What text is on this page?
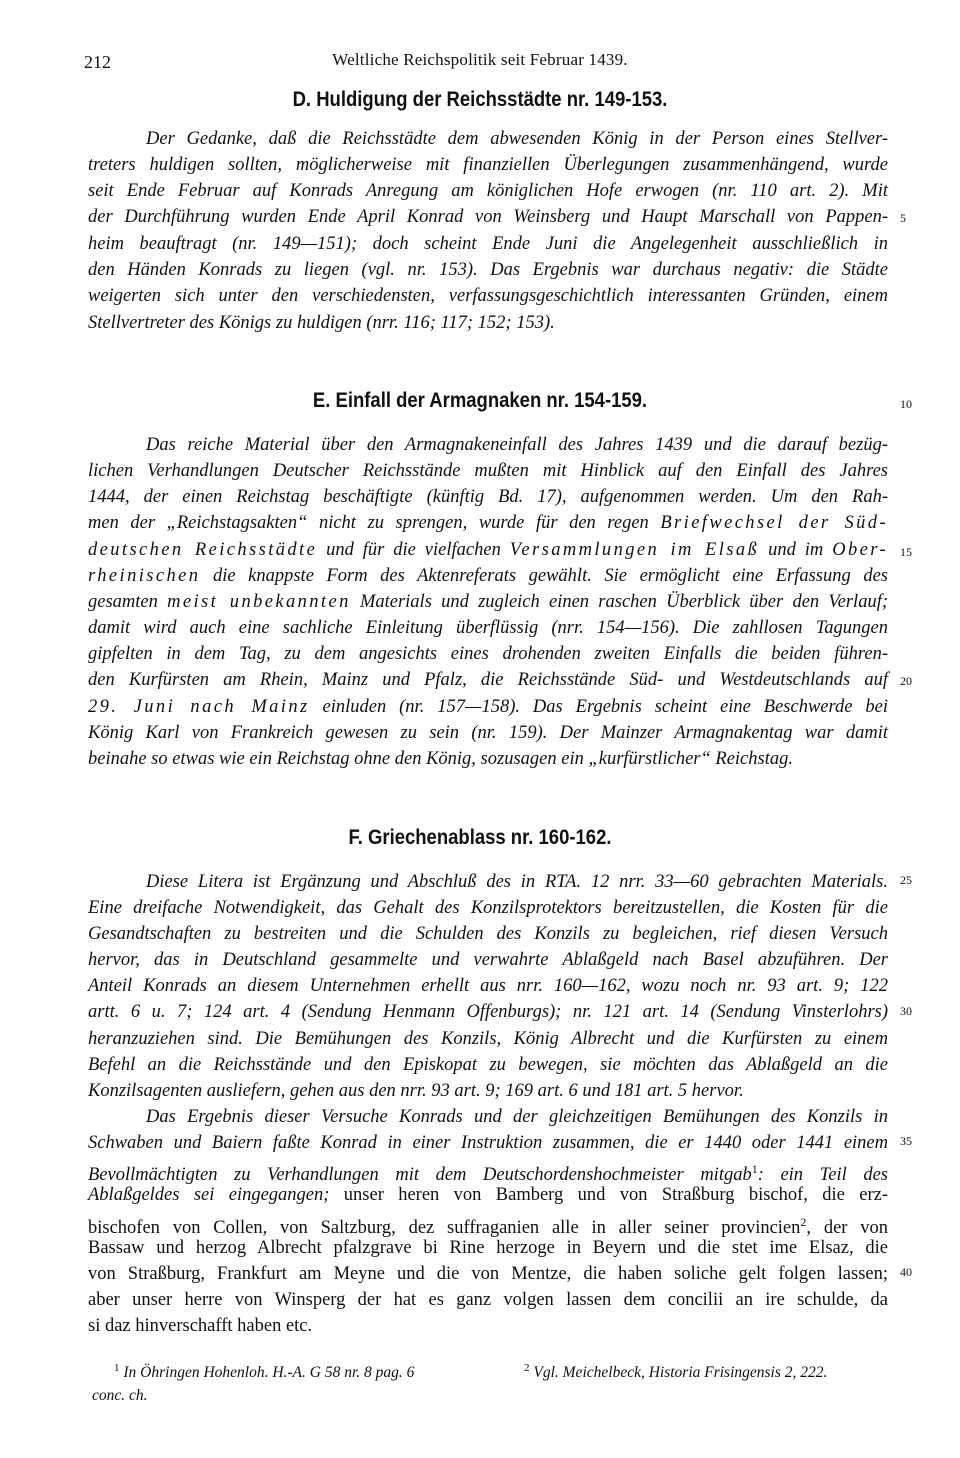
212	Weltliche Reichspolitik seit Februar 1439.
D. Huldigung der Reichsstädte nr. 149-153.
Der Gedanke, daß die Reichsstädte dem abwesenden König in der Person eines Stellver-
treters huldigen sollten, möglicherweise mit finanziellen Überlegungen zusammenhängend, wurde
seit Ende Februar auf Konrads Anregung am königlichen Hofe erwogen (nr. 110 art. 2). Mit
der Durchführung wurden Ende April Konrad von Weinsberg und Haupt Marschall von Pappen-
heim beauftragt (nr. 149—151); doch scheint Ende Juni die Angelegenheit ausschließlich in
den Händen Konrads zu liegen (vgl. nr. 153). Das Ergebnis war durchaus negativ: die Städte
weigerten sich unter den verschiedensten, verfassungsgeschichtlich interessanten Gründen, einem
Stellvertreter des Königs zu huldigen (nrr. 116; 117; 152; 153).
E. Einfall der Armagnaken nr. 154-159.
Das reiche Material über den Armagnakeneinfall des Jahres 1439 und die darauf bezüg-
lichen Verhandlungen Deutscher Reichsstände mußten mit Hinblick auf den Einfall des Jahres
1444, der einen Reichstag beschäftigte (künftig Bd. 17), aufgenommen werden. Um den Rah-
men der „Reichstagsakten“ nicht zu sprengen, wurde für den regen Briefwechsel der Süd-
deutschen Reichsstädte und für die vielfachen Versammlungen im Elsaß und im Ober-
rheinischen die knappste Form des Aktenreferats gewählt. Sie ermöglicht eine Erfassung des
gesamten meist unbekannten Materials und zugleich einen raschen Überblick über den Verlauf;
damit wird auch eine sachliche Einleitung überflüssig (nrr. 154—156). Die zahllosen Tagungen
gipfelten in dem Tag, zu dem angesichts eines drohenden zweiten Einfalls die beiden führen-
den Kurfürsten am Rhein, Mainz und Pfalz, die Reichsstände Süd- und Westdeutschlands auf
29. Juni nach Mainz einluden (nr. 157—158). Das Ergebnis scheint eine Beschwerde bei
König Karl von Frankreich gewesen zu sein (nr. 159). Der Mainzer Armagnakentag war damit
beinahe so etwas wie ein Reichstag ohne den König, sozusagen ein „kurfürstlicher“ Reichstag.
F. Griechenablass nr. 160-162.
Diese Litera ist Ergänzung und Abschluß des in RTA. 12 nrr. 33—60 gebrachten Materials.
Eine dreifache Notwendigkeit, das Gehalt des Konzilsprotektors bereitzustellen, die Kosten für die
Gesandtschaften zu bestreiten und die Schulden des Konzils zu begleichen, rief diesen Versuch
hervor, das in Deutschland gesammelte und verwahrte Ablaßgeld nach Basel abzuführen. Der
Anteil Konrads an diesem Unternehmen erhellt aus nrr. 160—162, wozu noch nr. 93 art. 9; 122
artt. 6 u. 7; 124 art. 4 (Sendung Henmann Offenburgs); nr. 121 art. 14 (Sendung Vinsterlohrs)
heranzuziehen sind. Die Bemühungen des Konzils, König Albrecht und die Kurfürsten zu einem
Befehl an die Reichsstände und den Episkopat zu bewegen, sie möchten das Ablaßgeld an die
Konzilsagenten ausliefern, gehen aus den nrr. 93 art. 9; 169 art. 6 und 181 art. 5 hervor.
Das Ergebnis dieser Versuche Konrads und der gleichzeitigen Bemühungen des Konzils in
Schwaben und Baiern faßte Konrad in einer Instruktion zusammen, die er 1440 oder 1441 einem
Bevollmächtigten zu Verhandlungen mit dem Deutschordenshochmeister mitgab$^1$: ein Teil des
Ablaßgeldes sei eingegangen; unser heren von Bamberg und von Straßburg bischof, die erz-
bischofen von Collen, von Saltzburg, dez suffraganien alle in aller seiner provincien$^2$, der von
Bassaw und herzog Albrecht pfalzgrave bi Rine herzoge in Beyern und die stet ime Elsaz, die
von Straßburg, Frankfurt am Meyne und die von Mentze, die haben soliche gelt folgen lassen;
aber unser herre von Winsperg der hat es ganz volgen lassen dem concilii an ire schulde, da
si daz hinverschafft haben etc.
5
10
15
20
25
30
35
40
$^1$ In Öhringen Hohenloh. H.-A. G 58 nr. 8 pag. 6
conc. ch.
$^2$ Vgl. Meichelbeck, Historia Frisingensis 2, 222.
